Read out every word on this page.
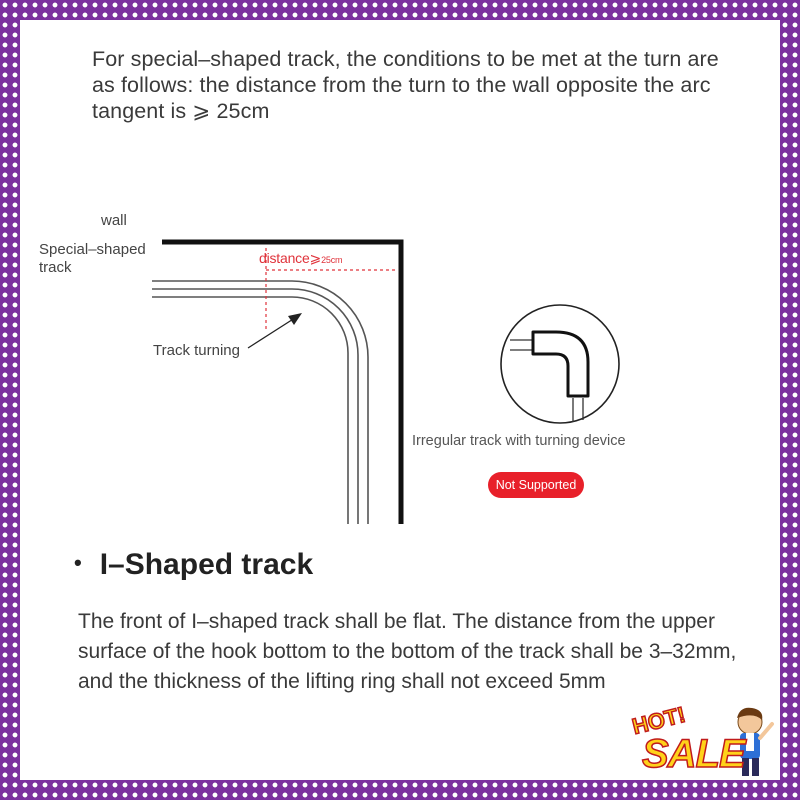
For special–shaped track, the conditions to be met at the turn are as follows: the distance from the turn to the wall opposite the arc tangent is ⩾ 25cm

wall

Special–shaped track

distance⩾25cm

Track turning

Irregular track with turning device

Not Supported
• I–Shaped track

The front of I–shaped track shall be flat. The distance from the upper surface of the hook bottom to the bottom of the track shall be 3–32mm, and the thickness of the lifting ring shall not exceed 5mm

HOT!
SALE
